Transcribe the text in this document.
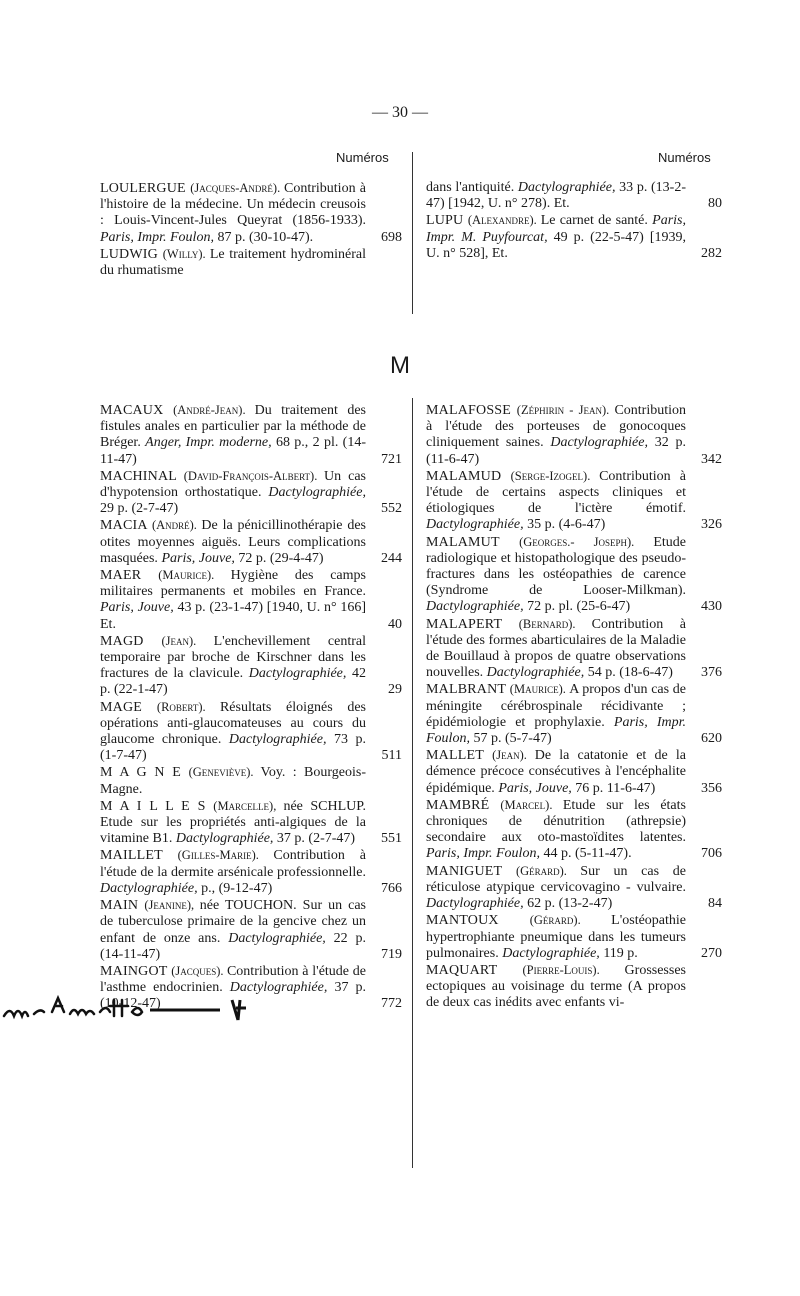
— 30 —
Numéros	Numéros
LOULERGUE (Jacques-André). Contribution à l'histoire de la médecine. Un médecin creusois : Louis-Vincent-Jules Queyrat (1856-1933). Paris, Impr. Foulon, 87 p. (30-10-47).	698
LUDWIG (Willy). Le traitement hydrominéral du rhumatisme
dans l'antiquité. Dactylographiée, 33 p. (13-2-47) [1942, U. n° 278). Et.	80
LUPU (Alexandre). Le carnet de santé. Paris, Impr. M. Puyfourcat, 49 p. (22-5-47) [1939, U. n° 528], Et.	282
M
MACAUX (André-Jean). Du traitement des fistules anales en particulier par la méthode de Bréger. Anger, Impr. moderne, 68 p., 2 pl. (14-11-47)	721
MACHINAL (David-François-Albert). Un cas d'hypotension orthostatique. Dactylographiée, 29 p. (2-7-47)	552
MACIA (André). De la pénicillinothérapie des otites moyennes aiguës. Leurs complications masquées. Paris, Jouve, 72 p. (29-4-47)	244
MAER (Maurice). Hygiène des camps militaires permanents et mobiles en France. Paris, Jouve, 43 p. (23-1-47) [1940, U. n° 166] Et.	40
MAGD (Jean). L'enchevillement central temporaire par broche de Kirschner dans les fractures de la clavicule. Dactylographiée, 42 p. (22-1-47)	29
MAGE (Robert). Résultats éloignés des opérations anti-glaucomateuses au cours du glaucome chronique. Dactylographiée, 73 p. (1-7-47)	511
M A G N E (Geneviève). Voy. : Bourgeois-Magne.
M A I L L E S (Marcelle), née SCHLUP. Etude sur les propriétés anti-algiques de la vitamine B1. Dactylographiée, 37 p. (2-7-47)	551
MAILLET (Gilles-Marie). Contribution à l'étude de la dermite arsénicale professionnelle. Dactylographiée, p., (9-12-47)	766
MAIN (Jeanine), née TOUCHON. Sur un cas de tuberculose primaire de la gencive chez un enfant de onze ans. Dactylographiée, 22 p. (14-11-47)	719
MAINGOT (Jacques). Contribution à l'étude de l'asthme endocrinien. Dactylographiée, 37 p. (10-12-47)	772
MALAFOSSE (Zéphirin - Jean). Contribution à l'étude des porteuses de gonocoques cliniquement saines. Dactylographiée, 32 p. (11-6-47)	342
MALAMUD (Serge-Izogel). Contribution à l'étude de certains aspects cliniques et étiologiques de l'ictère émotif. Dactylographiée, 35 p. (4-6-47)	326
MALAMUT (Georges.- Joseph). Etude radiologique et histopathologique des pseudo-fractures dans les ostéopathies de carence (Syndrome de Looser-Milkman). Dactylographiée, 72 p. pl. (25-6-47)	430
MALAPERT (Bernard). Contribution à l'étude des formes abarticulaires de la Maladie de Bouillaud à propos de quatre observations nouvelles. Dactylographiée, 54 p. (18-6-47)	376
MALBRANT (Maurice). A propos d'un cas de méningite cérébrospinale récidivante ; épidémiologie et prophylaxie. Paris, Impr. Foulon, 57 p. (5-7-47)	620
MALLET (Jean). De la catatonie et de la démence précoce consécutives à l'encéphalite épidémique. Paris, Jouve, 76 p. 11-6-47)	356
MAMBRÉ (Marcel). Etude sur les états chroniques de dénutrition (athrepsie) secondaire aux oto-mastoïdites latentes. Paris, Impr. Foulon, 44 p. (5-11-47).	706
MANIGUET (Gérard). Sur un cas de réticulose atypique cervicovagino - vulvaire. Dactylographiée, 62 p. (13-2-47)	84
MANTOUX (Gérard). L'ostéopathie hypertrophiante pneumique dans les tumeurs pulmonaires. Dactylographiée, 119 p.	270
MAQUART (Pierre-Louis). Grossesses ectopiques au voisinage du terme (A propos de deux cas inédits avec enfants vi-
